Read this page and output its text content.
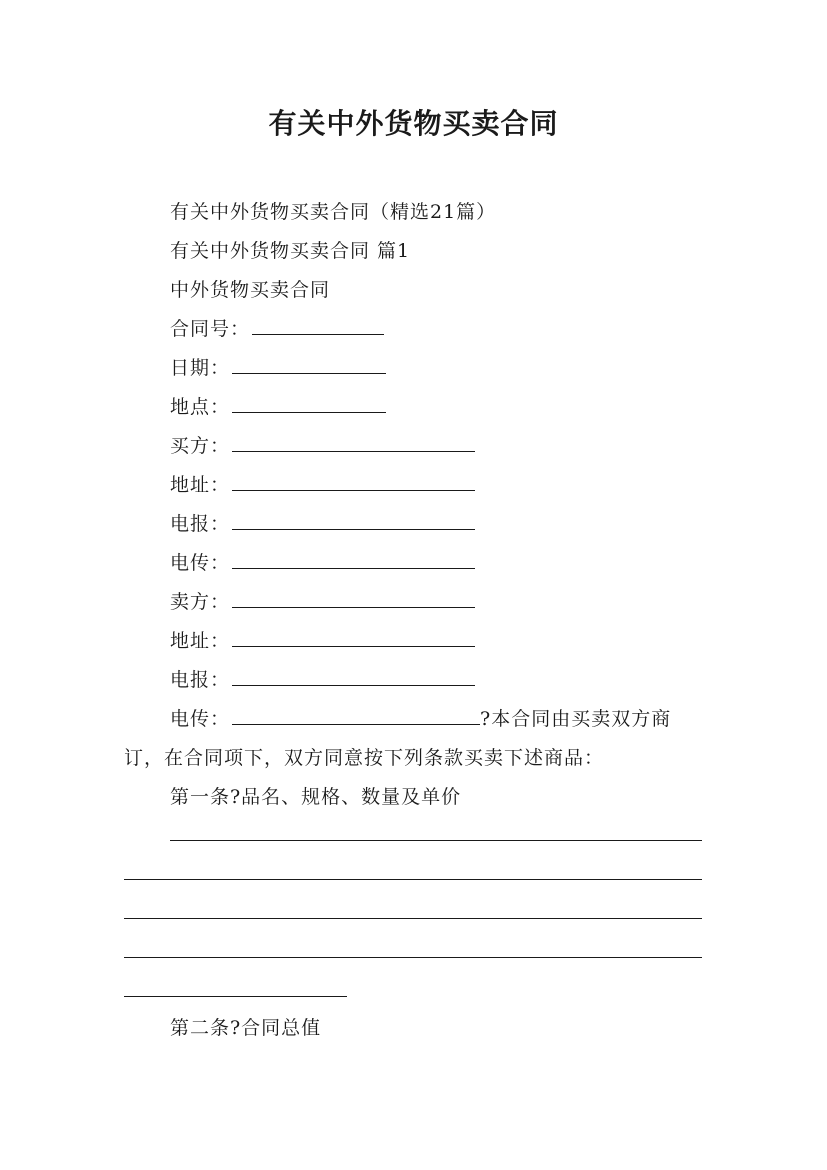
有关中外货物买卖合同
有关中外货物买卖合同（精选21篇）
有关中外货物买卖合同 篇1
中外货物买卖合同
合同号：
日期：
地点：
买方：
地址：
电报：
电传：
卖方：
地址：
电报：
电传：	?本合同由买卖双方商
订，在合同项下，双方同意按下列条款买卖下述商品：
第一条?品名、规格、数量及单价
第二条?合同总值
